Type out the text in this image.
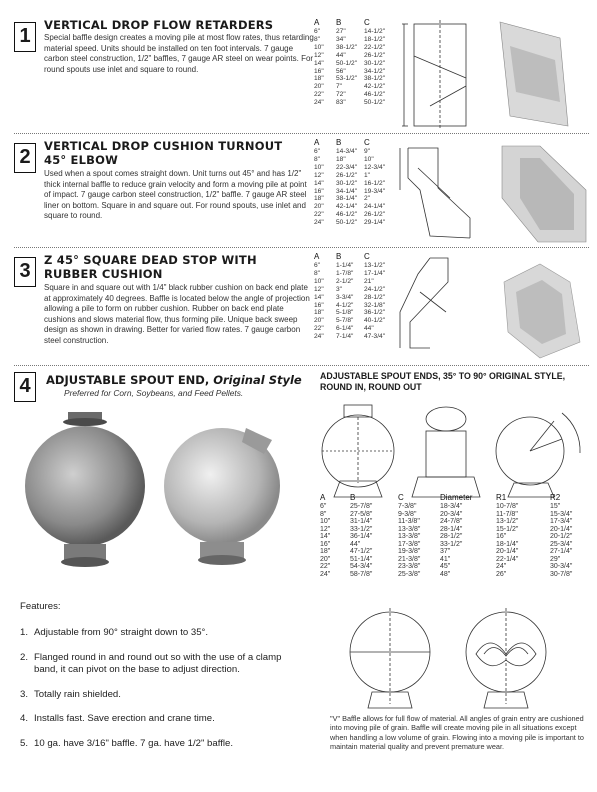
1	VERTICAL DROP FLOW RETARDERS
Special baffle design creates a moving pile at most flow rates, thus retarding material speed. Units should be installed on ten foot intervals. 7 gauge carbon steel construction, 1/2" baffles, 7 gauge AR steel on wear points. For round spouts use inlet and square to round.
A	B	C
6"	27"	14-1/2"
8"	34"	18-1/2"
10"	38-1/2"	22-1/2"
12"	44"	26-1/2"
14"	50-1/2"	30-1/2"
16"	56"	34-1/2"
18"	53-1/2"	38-1/2"
20"	7"	42-1/2"
22"	72"	46-1/2"
24"	83"	50-1/2"
2	VERTICAL DROP CUSHION TURNOUT
45° ELBOW
Used when a spout comes straight down. Unit turns out 45° and has 1/2" thick internal baffle to reduce grain velocity and form a moving pile at point of impact. 7 gauge carbon steel construction, 1/2" baffle. 7 gauge AR steel liner on bottom. Square in and square out. For round spouts, use inlet and square to round.
A	B	C
6"	14-3/4"	9"
8"	18"	10"
10"	22-3/4"	12-3/4"
12"	26-1/2"	1"
14"	30-1/2"	16-1/2"
16"	34-1/4"	19-3/4"
18"	38-1/4"	2"
20"	42-1/4"	24-1/4"
22"	46-1/2"	26-1/2"
24"	50-1/2"	29-1/4"
3	Z 45° SQUARE DEAD STOP WITH
RUBBER CUSHION
Square in and square out with 1/4" black rubber cushion on back end plate at approximately 40 degrees. Baffle is located below the angle of projection allowing a pile to form on rubber cushion. Rubber on back end plate cushions and slows material flow, thus forming pile. Unique back sweep design as shown in drawing. Better for varied flow rates. 7 gauge carbon steel construction.
A	B	C
6"	1-1/4"	13-1/2"
8"	1-7/8"	17-1/4"
10"	2-1/2"	21"
12"	3"	24-1/2"
14"	3-3/4"	28-1/2"
16"	4-1/2"	32-1/8"
18"	5-1/8"	36-1/2"
20"	5-7/8"	40-1/2"
22"	6-1/4"	44"
24"	7-1/4"	47-3/4"
4	ADJUSTABLE SPOUT END, Original Style
Preferred for Corn, Soybeans, and Feed Pellets.
ADJUSTABLE SPOUT ENDS, 35° TO 90° ORIGINAL STYLE, ROUND IN, ROUND OUT
A	B	C	Diameter	R1	R2
6"	25-7/8"	7-3/8"	18-3/4"	10-7/8"	15"
8"	27-5/8"	9-3/8"	20-3/4"	11-7/8"	15-3/4"
10"	31-1/4"	11-3/8"	24-7/8"	13-1/2"	17-3/4"
12"	33-1/2"	13-3/8"	28-1/4"	15-1/2"	20-1/4"
14"	36-1/4"	13-3/8"	28-1/2"	16"	20-1/2"
16"	44"	17-3/8"	33-1/2"	18-1/4"	25-3/4"
18"	47-1/2"	19-3/8"	37"	20-1/4"	27-1/4"
20"	51-1/4"	21-3/8"	41"	22-1/4"	29"
22"	54-3/4"	23-3/8"	45"	24"	30-3/4"
24"	58-7/8"	25-3/8"	48"	26"	30-7/8"
Features:
1. Adjustable from 90° straight down to 35°.
2. Flanged round in and round out so with the use of a clamp band, it can pivot on the base to adjust direction.
3. Totally rain shielded.
4. Installs fast. Save erection and crane time.
5. 10 ga. have 3/16" baffle. 7 ga. have 1/2" baffle.
"V" Baffle allows for full flow of material. All angles of grain entry are cushioned into moving pile of grain. Baffle will create moving pile in all situations except when handling a low volume of grain. Flowing into a moving pile is important to maintain material quality and prevent premature wear.
